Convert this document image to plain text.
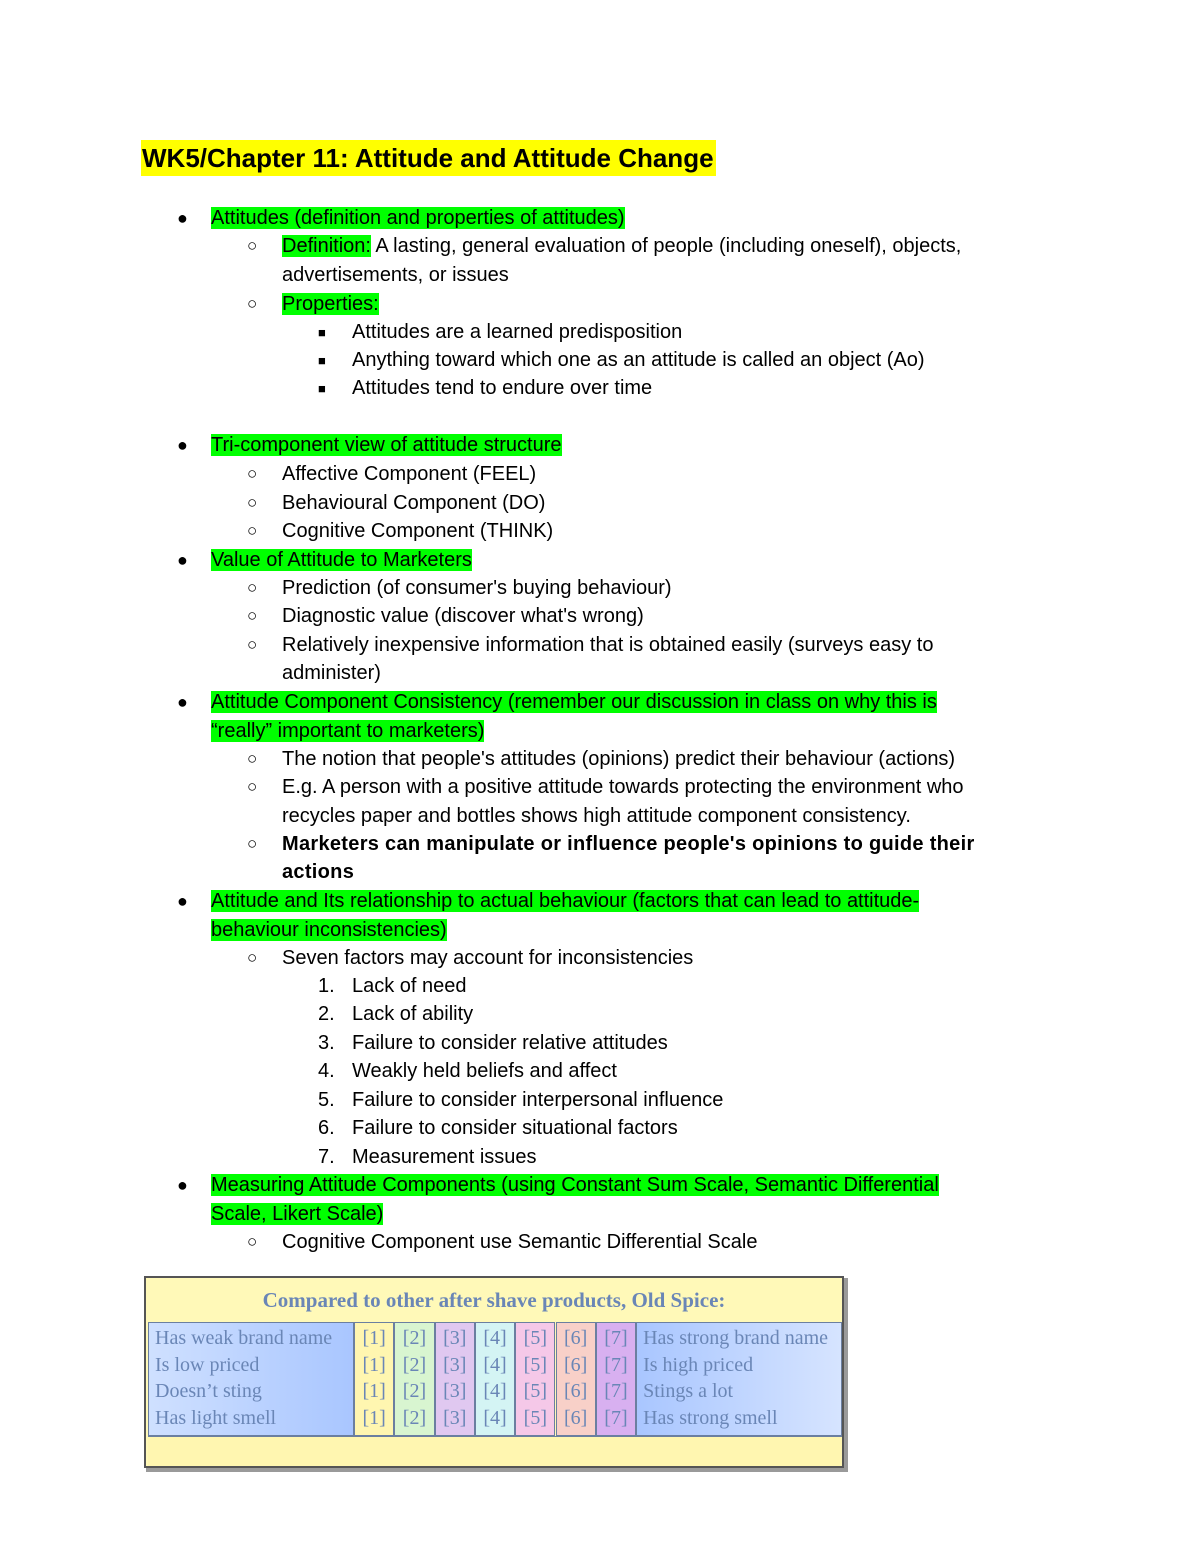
WK5/Chapter 11: Attitude and Attitude Change
● Attitudes (definition and properties of attitudes)
○ Definition: A lasting, general evaluation of people (including oneself), objects,
advertisements, or issues
○ Properties:
■ Attitudes are a learned predisposition
■ Anything toward which one as an attitude is called an object (Ao)
■ Attitudes tend to endure over time
● Tri-component view of attitude structure
○ Affective Component (FEEL)
○ Behavioural Component (DO)
○ Cognitive Component (THINK)
● Value of Attitude to Marketers
○ Prediction (of consumer's buying behaviour)
○ Diagnostic value (discover what's wrong)
○ Relatively inexpensive information that is obtained easily (surveys easy to
administer)
● Attitude Component Consistency (remember our discussion in class on why this is
“really” important to marketers)
○ The notion that people's attitudes (opinions) predict their behaviour (actions)
○ E.g. A person with a positive attitude towards protecting the environment who
recycles paper and bottles shows high attitude component consistency.
○ Marketers can manipulate or influence people's opinions to guide their
actions
● Attitude and Its relationship to actual behaviour (factors that can lead to attitude-
behaviour inconsistencies)
○ Seven factors may account for inconsistencies
1. Lack of need
2. Lack of ability
3. Failure to consider relative attitudes
4. Weakly held beliefs and affect
5. Failure to consider interpersonal influence
6. Failure to consider situational factors
7. Measurement issues
● Measuring Attitude Components (using Constant Sum Scale, Semantic Differential
Scale, Likert Scale)
○ Cognitive Component use Semantic Differential Scale
Compared to other after shave products, Old Spice:
Has weak brand name
Is low priced
Doesn’t sting
Has light smell
[1]
[1]
[1]
[1]
[2]
[2]
[2]
[2]
[3]
[3]
[3]
[3]
[4]
[4]
[4]
[4]
[5]
[5]
[5]
[5]
[6]
[6]
[6]
[6]
[7]
[7]
[7]
[7]
Has strong brand name
Is high priced
Stings a lot
Has strong smell
